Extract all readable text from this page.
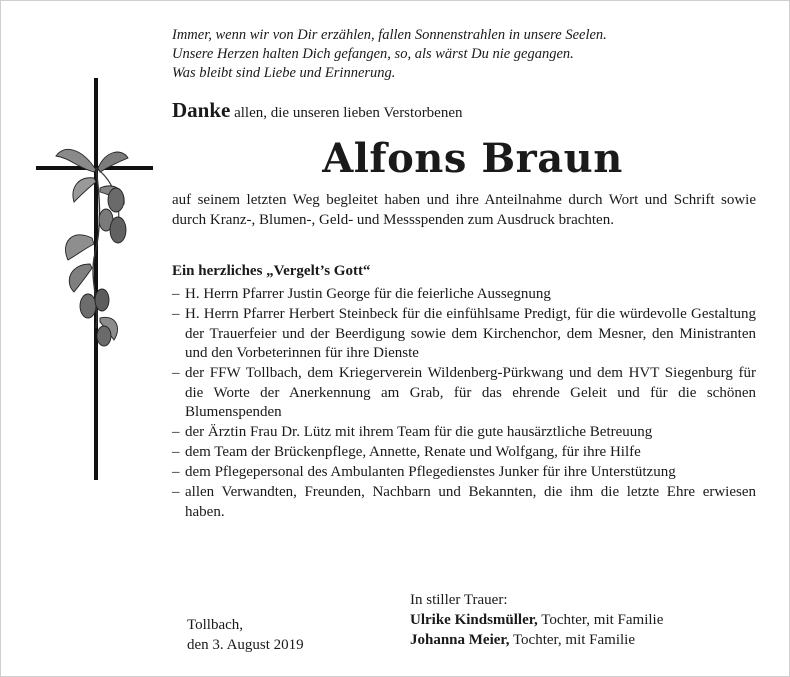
Immer, wenn wir von Dir erzählen, fallen Sonnenstrahlen in unsere Seelen.
Unsere Herzen halten Dich gefangen, so, als wärst Du nie gegangen.
Was bleibt sind Liebe und Erinnerung.
Danke allen, die unseren lieben Verstorbenen
Alfons Braun
auf seinem letzten Weg begleitet haben und ihre Anteilnahme durch Wort und Schrift sowie durch Kranz-, Blumen-, Geld- und Messspenden zum Ausdruck brachten.
Ein herzliches „Vergelt’s Gott“
– H. Herrn Pfarrer Justin George für die feierliche Aussegnung
– H. Herrn Pfarrer Herbert Steinbeck für die einfühlsame Predigt, für die würdevolle Gestaltung der Trauerfeier und der Beerdigung sowie dem Kirchenchor, dem Mesner, den Ministranten und den Vorbeterinnen für ihre Dienste
– der FFW Tollbach, dem Kriegerverein Wildenberg-Pürkwang und dem HVT Siegenburg für die Worte der Anerkennung am Grab, für das ehrende Geleit und für die schönen Blumenspenden
– der Ärztin Frau Dr. Lütz mit ihrem Team für die gute hausärztliche Betreuung
– dem Team der Brückenpflege, Annette, Renate und Wolfgang, für ihre Hilfe
– dem Pflegepersonal des Ambulanten Pflegedienstes Junker für ihre Unterstützung
– allen Verwandten, Freunden, Nachbarn und Bekannten, die ihm die letzte Ehre erwiesen haben.
Tollbach,
den 3. August 2019
In stiller Trauer:
Ulrike Kindsmüller, Tochter, mit Familie
Johanna Meier, Tochter, mit Familie
